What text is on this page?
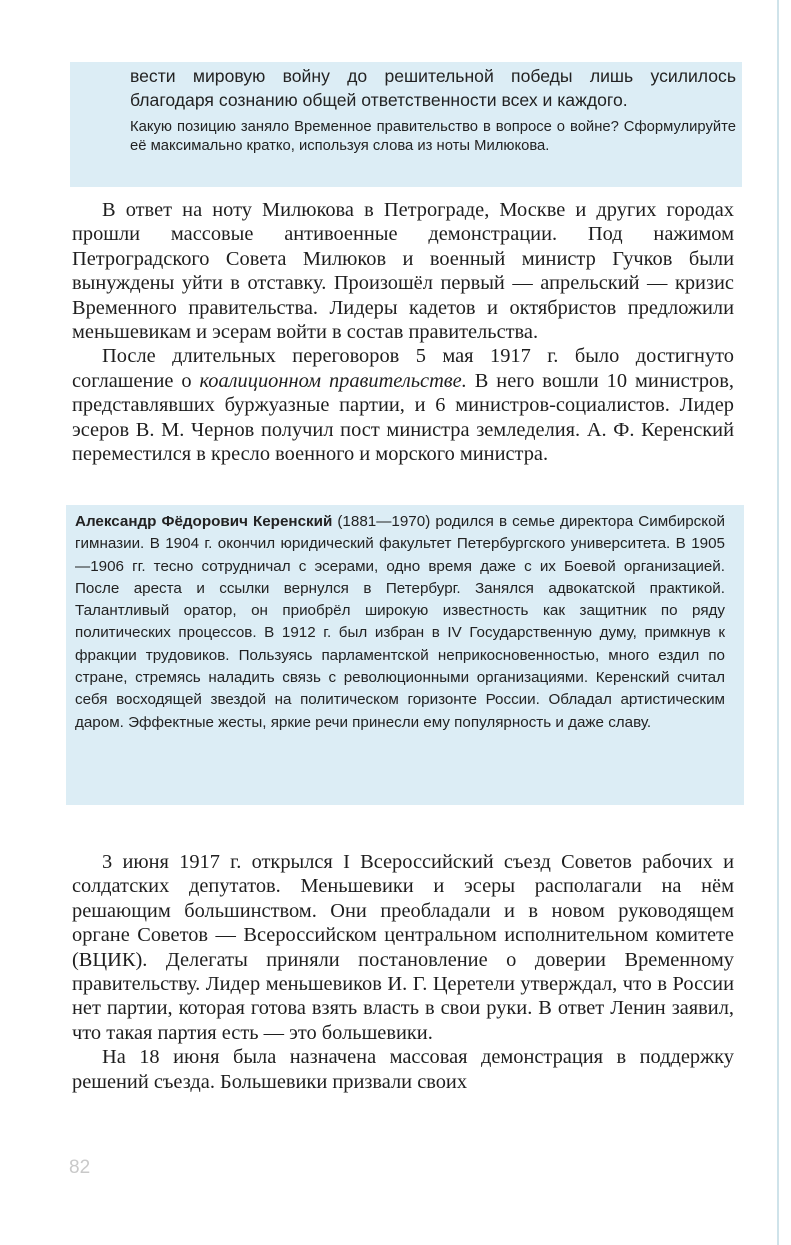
вести мировую войну до решительной победы лишь усилилось благодаря сознанию общей ответственности всех и каждого.
Какую позицию заняло Временное правительство в вопросе о войне? Сформулируйте её максимально кратко, используя слова из ноты Милюкова.

В ответ на ноту Милюкова в Петрограде, Москве и других городах прошли массовые антивоенные демонстрации. Под нажимом Петроградского Совета Милюков и военный министр Гучков были вынуждены уйти в отставку. Произошёл первый — апрельский — кризис Временного правительства. Лидеры кадетов и октябристов предложили меньшевикам и эсерам войти в состав правительства.

После длительных переговоров 5 мая 1917 г. было достигнуто соглашение о коалиционном правительстве. В него вошли 10 министров, представлявших буржуазные партии, и 6 министров-социалистов. Лидер эсеров В. М. Чернов получил пост министра земледелия. А. Ф. Керенский переместился в кресло военного и морского министра.

Александр Фёдорович Керенский (1881—1970) родился в семье директора Симбирской гимназии. В 1904 г. окончил юридический факультет Петербургского университета. В 1905—1906 гг. тесно сотрудничал с эсерами, одно время даже с их Боевой организацией. После ареста и ссылки вернулся в Петербург. Занялся адвокатской практикой. Талантливый оратор, он приобрёл широкую известность как защитник по ряду политических процессов. В 1912 г. был избран в IV Государственную думу, примкнув к фракции трудовиков. Пользуясь парламентской неприкосновенностью, много ездил по стране, стремясь наладить связь с революционными организациями. Керенский считал себя восходящей звездой на политическом горизонте России. Обладал артистическим даром. Эффектные жесты, яркие речи принесли ему популярность и даже славу.

3 июня 1917 г. открылся I Всероссийский съезд Советов рабочих и солдатских депутатов. Меньшевики и эсеры располагали на нём решающим большинством. Они преобладали и в новом руководящем органе Советов — Всероссийском центральном исполнительном комитете (ВЦИК). Делегаты приняли постановление о доверии Временному правительству. Лидер меньшевиков И. Г. Церетели утверждал, что в России нет партии, которая готова взять власть в свои руки. В ответ Ленин заявил, что такая партия есть — это большевики.

На 18 июня была назначена массовая демонстрация в поддержку решений съезда. Большевики призвали своих

82
